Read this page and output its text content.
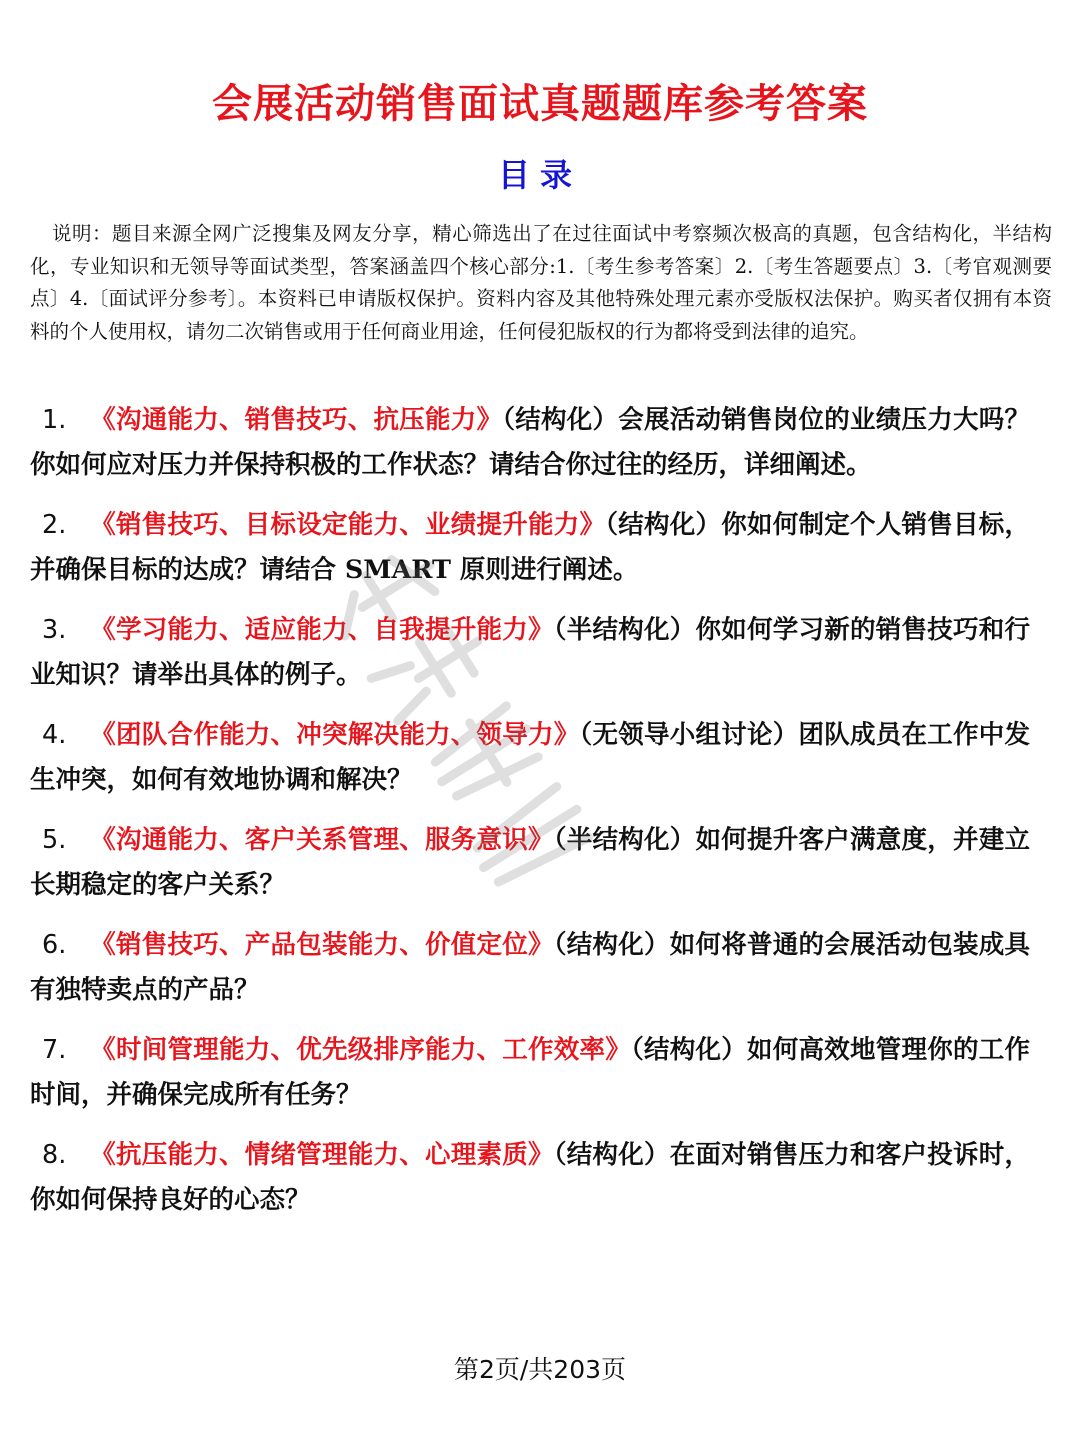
会展活动销售面试真题题库参考答案
目录

说明：题目来源全网广泛搜集及网友分享，精心筛选出了在过往面试中考察频次极高的真题，包含结构化，半结构化，专业知识和无领导等面试类型，答案涵盖四个核心部分:1.〔考生参考答案〕2.〔考生答题要点〕3.〔考官观测要点〕4.〔面试评分参考〕。本资料已申请版权保护。资料内容及其他特殊处理元素亦受版权法保护。购买者仅拥有本资料的个人使用权，请勿二次销售或用于任何商业用途，任何侵犯版权的行为都将受到法律的追究。

1. 《沟通能力、销售技巧、抗压能力》（结构化）会展活动销售岗位的业绩压力大吗？你如何应对压力并保持积极的工作状态？请结合你过往的经历，详细阐述。
2. 《销售技巧、目标设定能力、业绩提升能力》（结构化）你如何制定个人销售目标，并确保目标的达成？请结合 SMART 原则进行阐述。
3. 《学习能力、适应能力、自我提升能力》（半结构化）你如何学习新的销售技巧和行业知识？请举出具体的例子。
4. 《团队合作能力、冲突解决能力、领导力》（无领导小组讨论）团队成员在工作中发生冲突，如何有效地协调和解决？
5. 《沟通能力、客户关系管理、服务意识》（半结构化）如何提升客户满意度，并建立长期稳定的客户关系？
6. 《销售技巧、产品包装能力、价值定位》（结构化）如何将普通的会展活动包装成具有独特卖点的产品？
7. 《时间管理能力、优先级排序能力、工作效率》（结构化）如何高效地管理你的工作时间，并确保完成所有任务？
8. 《抗压能力、情绪管理能力、心理素质》（结构化）在面对销售压力和客户投诉时，你如何保持良好的心态？
第2页/共203页
